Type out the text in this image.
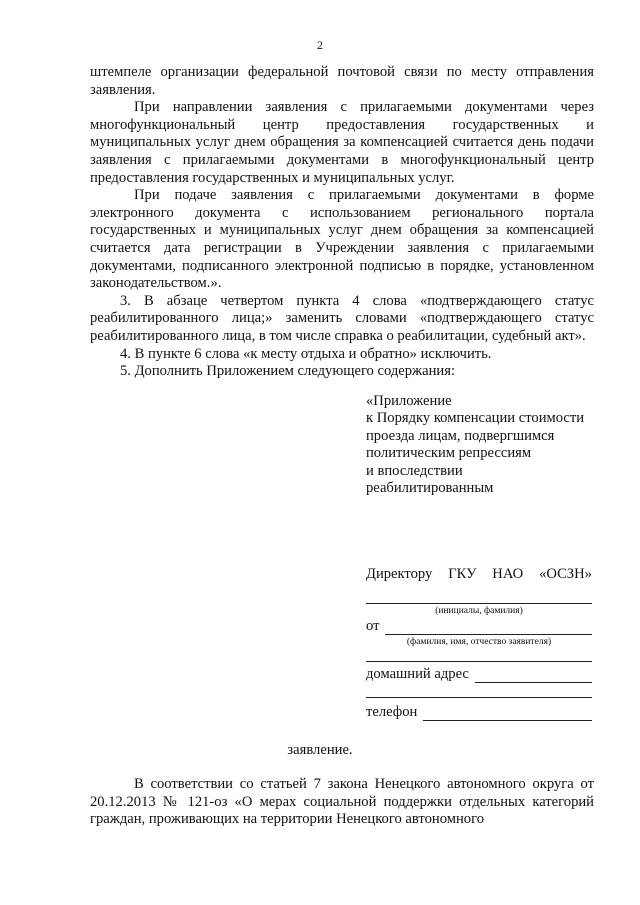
2

штемпеле организации федеральной почтовой связи по месту отправления заявления.

При направлении заявления с прилагаемыми документами через многофункциональный центр предоставления государственных и муниципальных услуг днем обращения за компенсацией считается день подачи заявления с прилагаемыми документами в многофункциональный центр предоставления государственных и муниципальных услуг.

При подаче заявления с прилагаемыми документами в форме электронного документа с использованием регионального портала государственных и муниципальных услуг днем обращения за компенсацией считается дата регистрации в Учреждении заявления с прилагаемыми документами, подписанного электронной подписью в порядке, установленном законодательством.».

3. В абзаце четвертом пункта 4 слова «подтверждающего статус реабилитированного лица;» заменить словами «подтверждающего статус реабилитированного лица, в том числе справка о реабилитации, судебный акт».

4. В пункте 6 слова «к месту отдыха и обратно» исключить.

5. Дополнить Приложением следующего содержания:

«Приложение
к Порядку компенсации стоимости
проезда лицам, подвергшимся
политическим репрессиям
и впоследствии
реабилитированным
Директору ГКУ НАО «ОСЗН»
(инициалы, фамилия)
от
(фамилия, имя, отчество заявителя)
домашний адрес
телефон
заявление.

В соответствии со статьей 7 закона Ненецкого автономного округа от 20.12.2013 № 121-оз «О мерах социальной поддержки отдельных категорий граждан, проживающих на территории Ненецкого автономного
